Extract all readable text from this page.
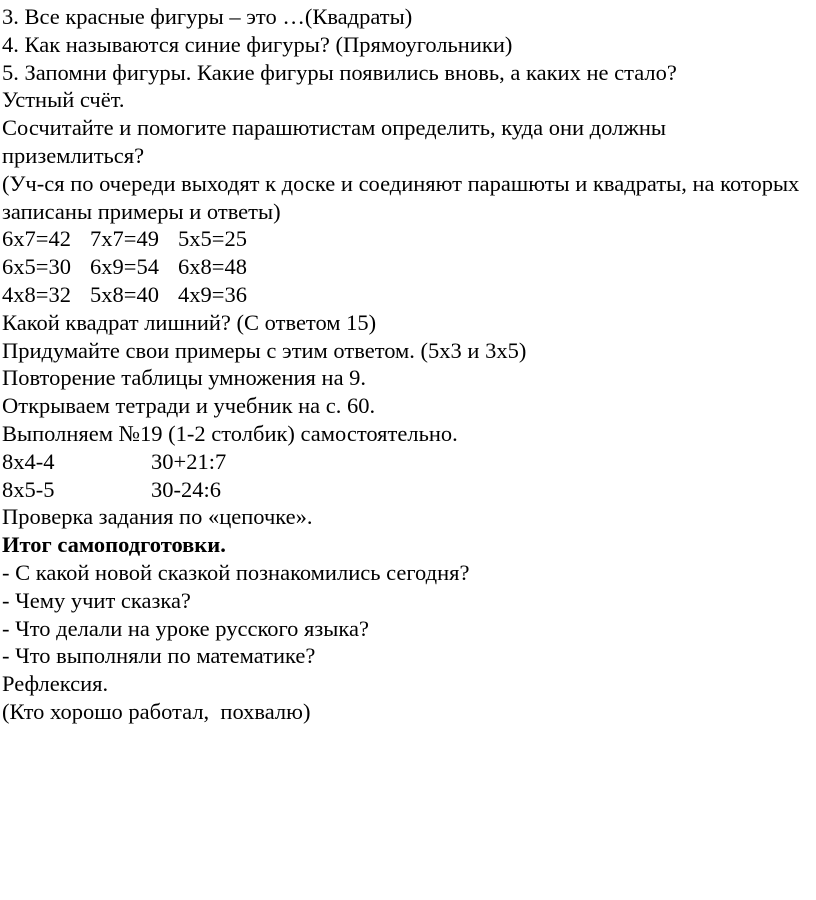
3. Все красные фигуры – это …(Квадраты)
4. Как называются синие фигуры? (Прямоугольники)
5. Запомни фигуры. Какие фигуры появились вновь, а каких не стало?
Устный счёт.
Сосчитайте и помогите парашютистам определить, куда они должны приземлиться?
(Уч-ся по очереди выходят к доске и соединяют парашюты и квадраты, на которых записаны примеры и ответы)
6х7=42 7х7=49 5х5=25
6х5=30 6х9=54 6х8=48
4х8=32 5х8=40 4х9=36
Какой квадрат лишний? (С ответом 15)
Придумайте свои примеры с этим ответом. (5х3 и 3х5)
Повторение таблицы умножения на 9.
Открываем тетради и учебник на с. 60.
Выполняем №19 (1-2 столбик) самостоятельно.
8х4-4	30+21:7
8х5-5	30-24:6
Проверка задания по «цепочке».
Итог самоподготовки.
- С какой новой сказкой познакомились сегодня?
- Чему учит сказка?
- Что делали на уроке русского языка?
- Что выполняли по математике?
Рефлексия.
(Кто хорошо работал,  похвалю)
